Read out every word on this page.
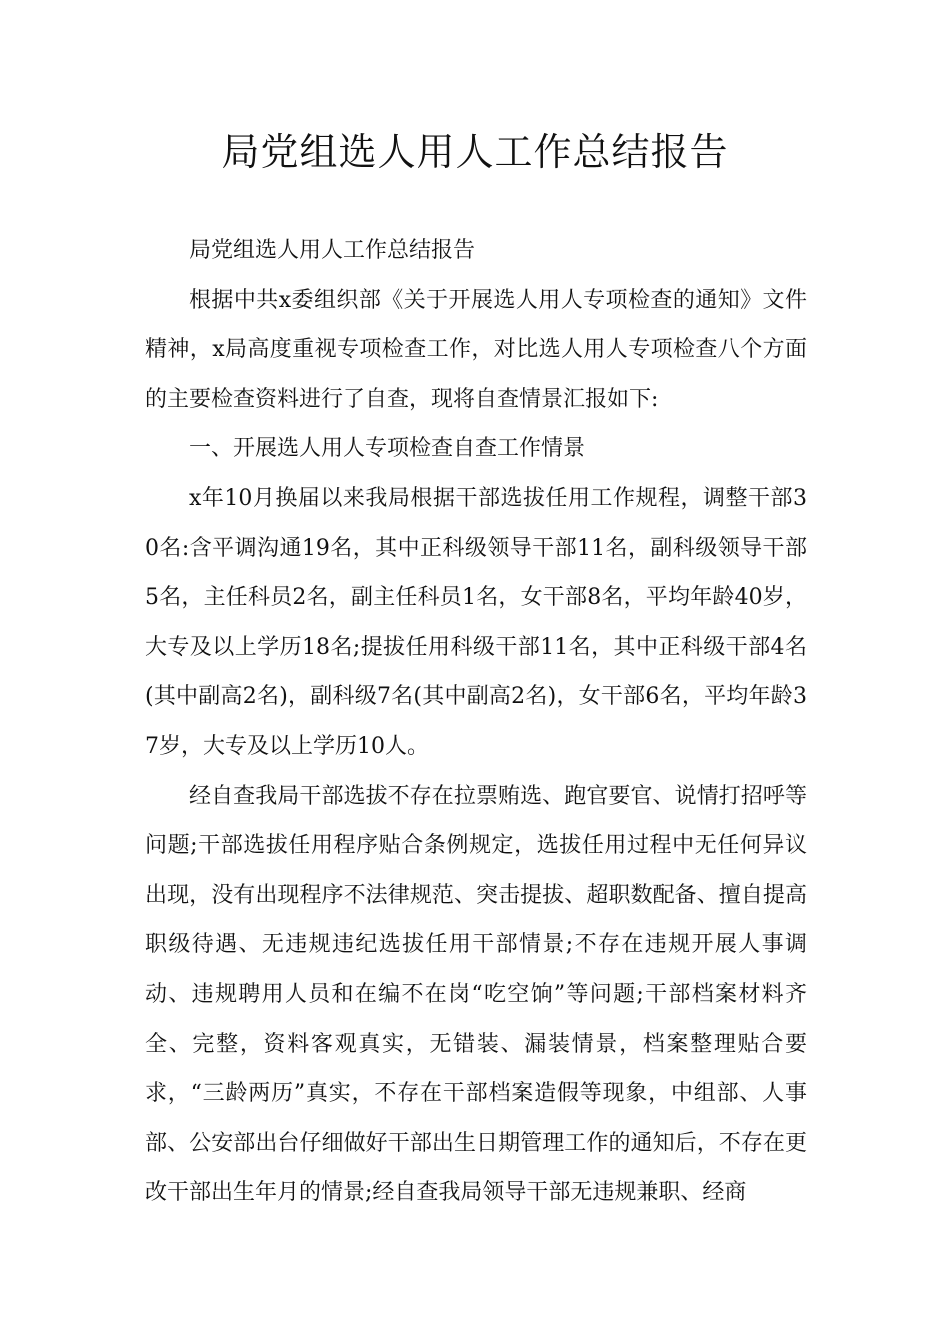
局党组选人用人工作总结报告

局党组选人用人工作总结报告

根据中共x委组织部《关于开展选人用人专项检查的通知》文件精神，x局高度重视专项检查工作，对比选人用人专项检查八个方面的主要检查资料进行了自查，现将自查情景汇报如下:

一、开展选人用人专项检查自查工作情景

x年10月换届以来我局根据干部选拔任用工作规程，调整干部30名:含平调沟通19名，其中正科级领导干部11名，副科级领导干部5名，主任科员2名，副主任科员1名，女干部8名，平均年龄40岁，大专及以上学历18名;提拔任用科级干部11名，其中正科级干部4名(其中副高2名)，副科级7名(其中副高2名)，女干部6名，平均年龄37岁，大专及以上学历10人。

经自查我局干部选拔不存在拉票贿选、跑官要官、说情打招呼等问题;干部选拔任用程序贴合条例规定，选拔任用过程中无任何异议出现，没有出现程序不法律规范、突击提拔、超职数配备、擅自提高职级待遇、无违规违纪选拔任用干部情景;不存在违规开展人事调动、违规聘用人员和在编不在岗“吃空饷”等问题;干部档案材料齐全、完整，资料客观真实，无错装、漏装情景，档案整理贴合要求，“三龄两历”真实，不存在干部档案造假等现象，中组部、人事部、公安部出台仔细做好干部出生日期管理工作的通知后，不存在更改干部出生年月的情景;经自查我局领导干部无违规兼职、经商
